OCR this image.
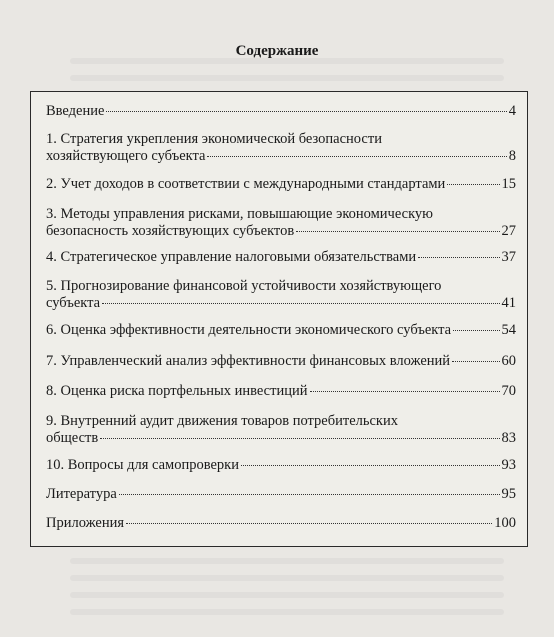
Содержание
Введение	4
1. Стратегия укрепления экономической безопасности
хозяйствующего субъекта	8
2. Учет доходов в соответствии с международными стандартами	15
3. Методы управления рисками, повышающие экономическую
безопасность хозяйствующих субъектов	27
4. Стратегическое управление налоговыми обязательствами	37
5. Прогнозирование финансовой устойчивости хозяйствующего
субъекта	41
6. Оценка эффективности деятельности экономического субъекта	54
7. Управленческий анализ эффективности финансовых вложений	60
8. Оценка риска портфельных инвестиций	70
9. Внутренний аудит движения товаров потребительских
обществ	83
10. Вопросы для самопроверки	93
Литература	95
Приложения	100
